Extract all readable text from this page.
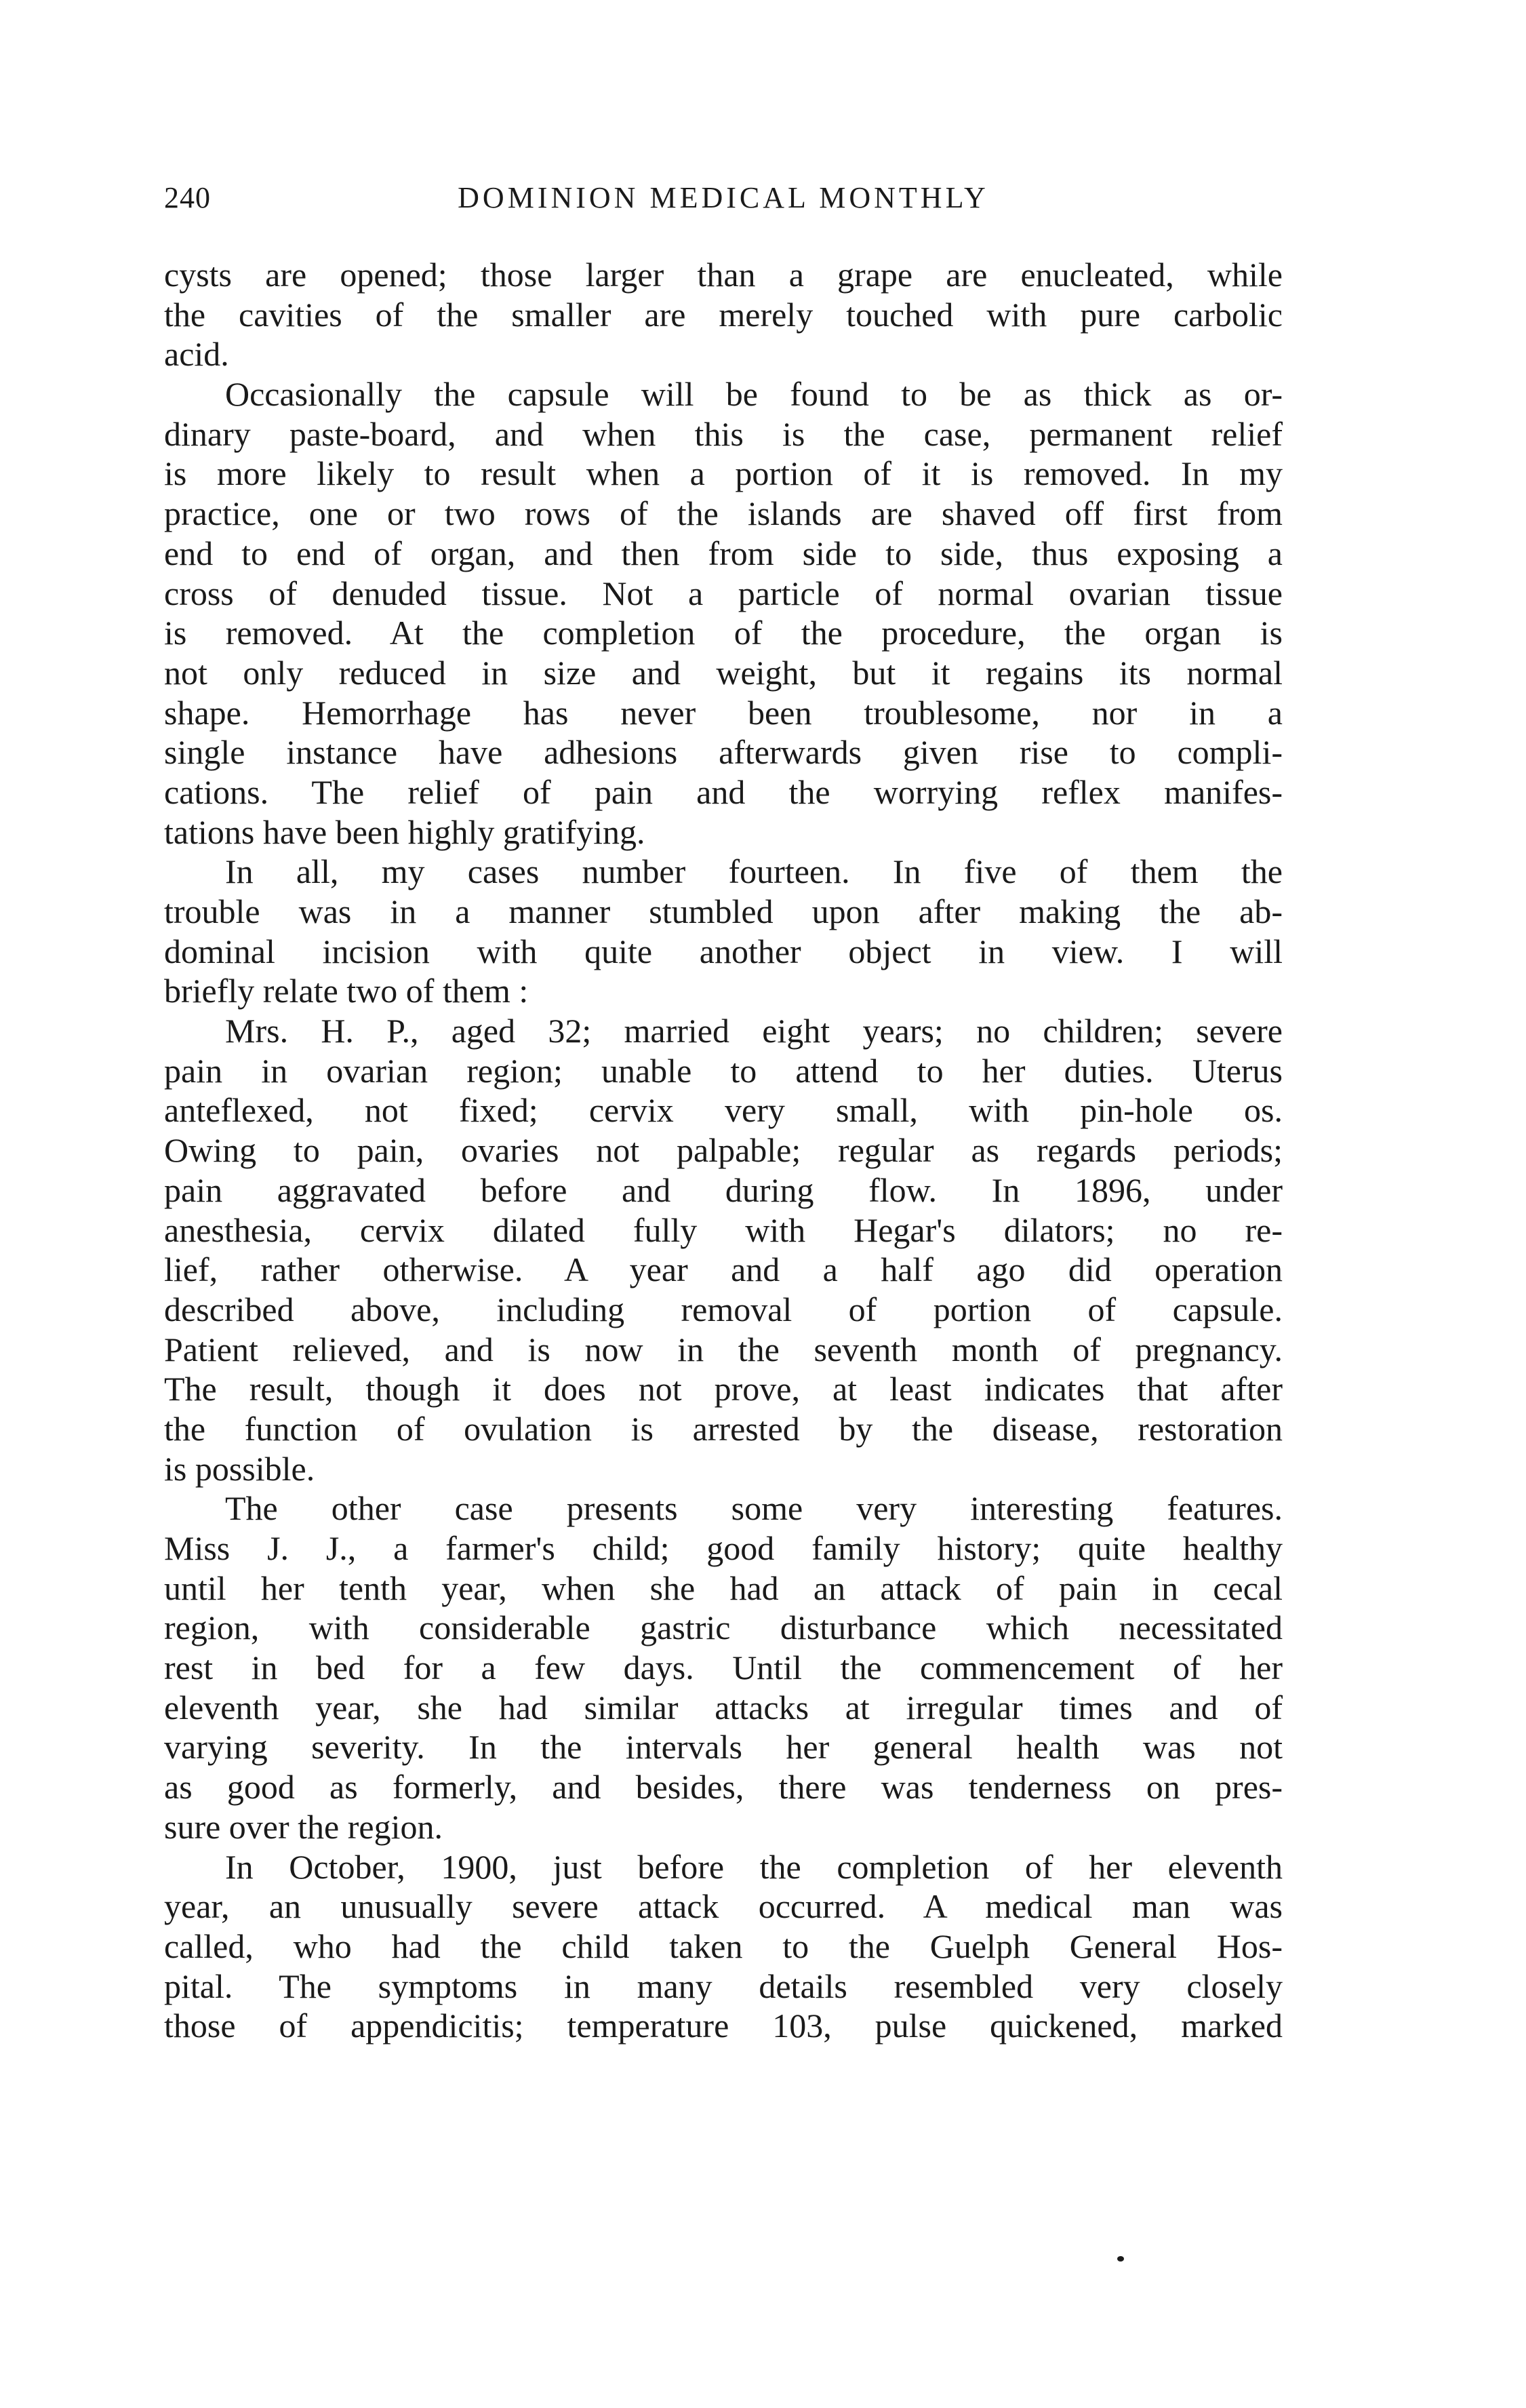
240	DOMINION MEDICAL MONTHLY
cysts are opened; those larger than a grape are enucleated, while
the cavities of the smaller are merely touched with pure carbolic
acid.
Occasionally the capsule will be found to be as thick as or-
dinary paste-board, and when this is the case, permanent relief
is more likely to result when a portion of it is removed. In my
practice, one or two rows of the islands are shaved off first from
end to end of organ, and then from side to side, thus exposing a
cross of denuded tissue. Not a particle of normal ovarian tissue
is removed. At the completion of the procedure, the organ is
not only reduced in size and weight, but it regains its normal
shape. Hemorrhage has never been troublesome, nor in a
single instance have adhesions afterwards given rise to compli-
cations. The relief of pain and the worrying reflex manifes-
tations have been highly gratifying.
In all, my cases number fourteen. In five of them the
trouble was in a manner stumbled upon after making the ab-
dominal incision with quite another object in view. I will
briefly relate two of them :
Mrs. H. P., aged 32; married eight years; no children; severe
pain in ovarian region; unable to attend to her duties. Uterus
anteflexed, not fixed; cervix very small, with pin-hole os.
Owing to pain, ovaries not palpable; regular as regards periods;
pain aggravated before and during flow. In 1896, under
anesthesia, cervix dilated fully with Hegar's dilators; no re-
lief, rather otherwise. A year and a half ago did operation
described above, including removal of portion of capsule.
Patient relieved, and is now in the seventh month of pregnancy.
The result, though it does not prove, at least indicates that after
the function of ovulation is arrested by the disease, restoration
is possible.
The other case presents some very interesting features.
Miss J. J., a farmer's child; good family history; quite healthy
until her tenth year, when she had an attack of pain in cecal
region, with considerable gastric disturbance which necessitated
rest in bed for a few days. Until the commencement of her
eleventh year, she had similar attacks at irregular times and of
varying severity. In the intervals her general health was not
as good as formerly, and besides, there was tenderness on pres-
sure over the region.
In October, 1900, just before the completion of her eleventh
year, an unusually severe attack occurred. A medical man was
called, who had the child taken to the Guelph General Hos-
pital. The symptoms in many details resembled very closely
those of appendicitis; temperature 103, pulse quickened, marked
